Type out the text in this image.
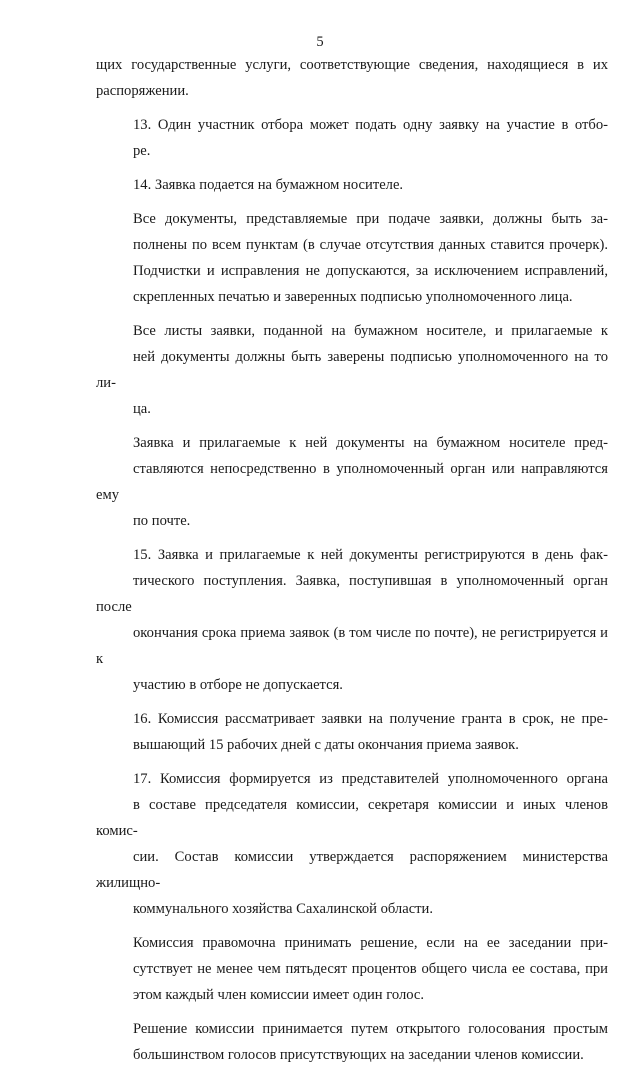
5
щих государственные услуги, соответствующие сведения, находящиеся в их
распоряжении.
13. Один участник отбора может подать одну заявку на участие в отбо-
ре.
14. Заявка подается на бумажном носителе.
Все документы, представляемые при подаче заявки, должны быть за-
полнены по всем пунктам (в случае отсутствия данных ставится прочерк).
Подчистки и исправления не допускаются, за исключением исправлений,
скрепленных печатью и заверенных подписью уполномоченного лица.
Все листы заявки, поданной на бумажном носителе, и прилагаемые к
ней документы должны быть заверены подписью уполномоченного на то ли-
ца.
Заявка и прилагаемые к ней документы на бумажном носителе пред-
ставляются непосредственно в уполномоченный орган или направляются ему
по почте.
15. Заявка и прилагаемые к ней документы регистрируются в день фак-
тического поступления. Заявка, поступившая в уполномоченный орган после
окончания срока приема заявок (в том числе по почте), не регистрируется и к
участию в отборе не допускается.
16. Комиссия рассматривает заявки на получение гранта в срок, не пре-
вышающий 15 рабочих дней с даты окончания приема заявок.
17. Комиссия формируется из представителей уполномоченного органа
в составе председателя комиссии, секретаря комиссии и иных членов комис-
сии. Состав комиссии утверждается распоряжением министерства жилищно-
коммунального хозяйства Сахалинской области.
Комиссия правомочна принимать решение, если на ее заседании при-
сутствует не менее чем пятьдесят процентов общего числа ее состава, при
этом каждый член комиссии имеет один голос.
Решение комиссии принимается путем открытого голосования простым
большинством голосов присутствующих на заседании членов комиссии.
